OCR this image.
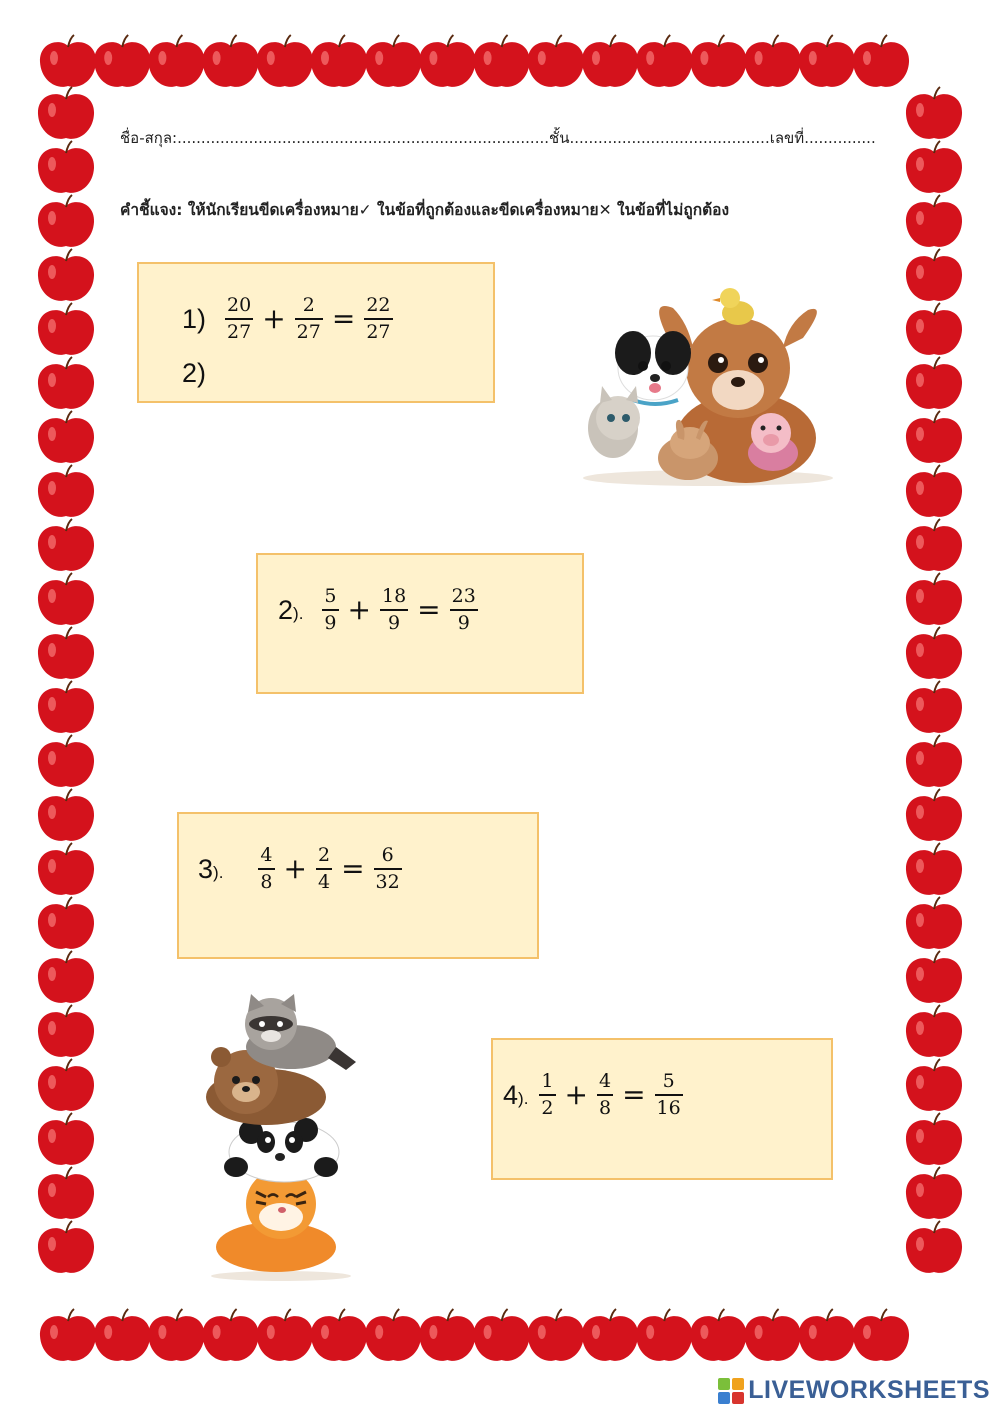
ชื่อ-สกุล:..............................................................................ชั้น..........................................เลขที่...............
คำชี้แจง: ให้นักเรียนขีดเครื่องหมาย✓ ในข้อที่ถูกต้องและขีดเครื่องหมาย✕ ในข้อที่ไม่ถูกต้อง
$1) \frac{20}{27} + \frac{2}{27} = \frac{22}{27}$
2)
2). $\frac{5}{9} + \frac{18}{9} = \frac{23}{9}$
3). $\frac{4}{8} + \frac{2}{4} = \frac{6}{32}$
4). $\frac{1}{2} + \frac{4}{8} = \frac{5}{16}$
LIVEWORKSHEETS
